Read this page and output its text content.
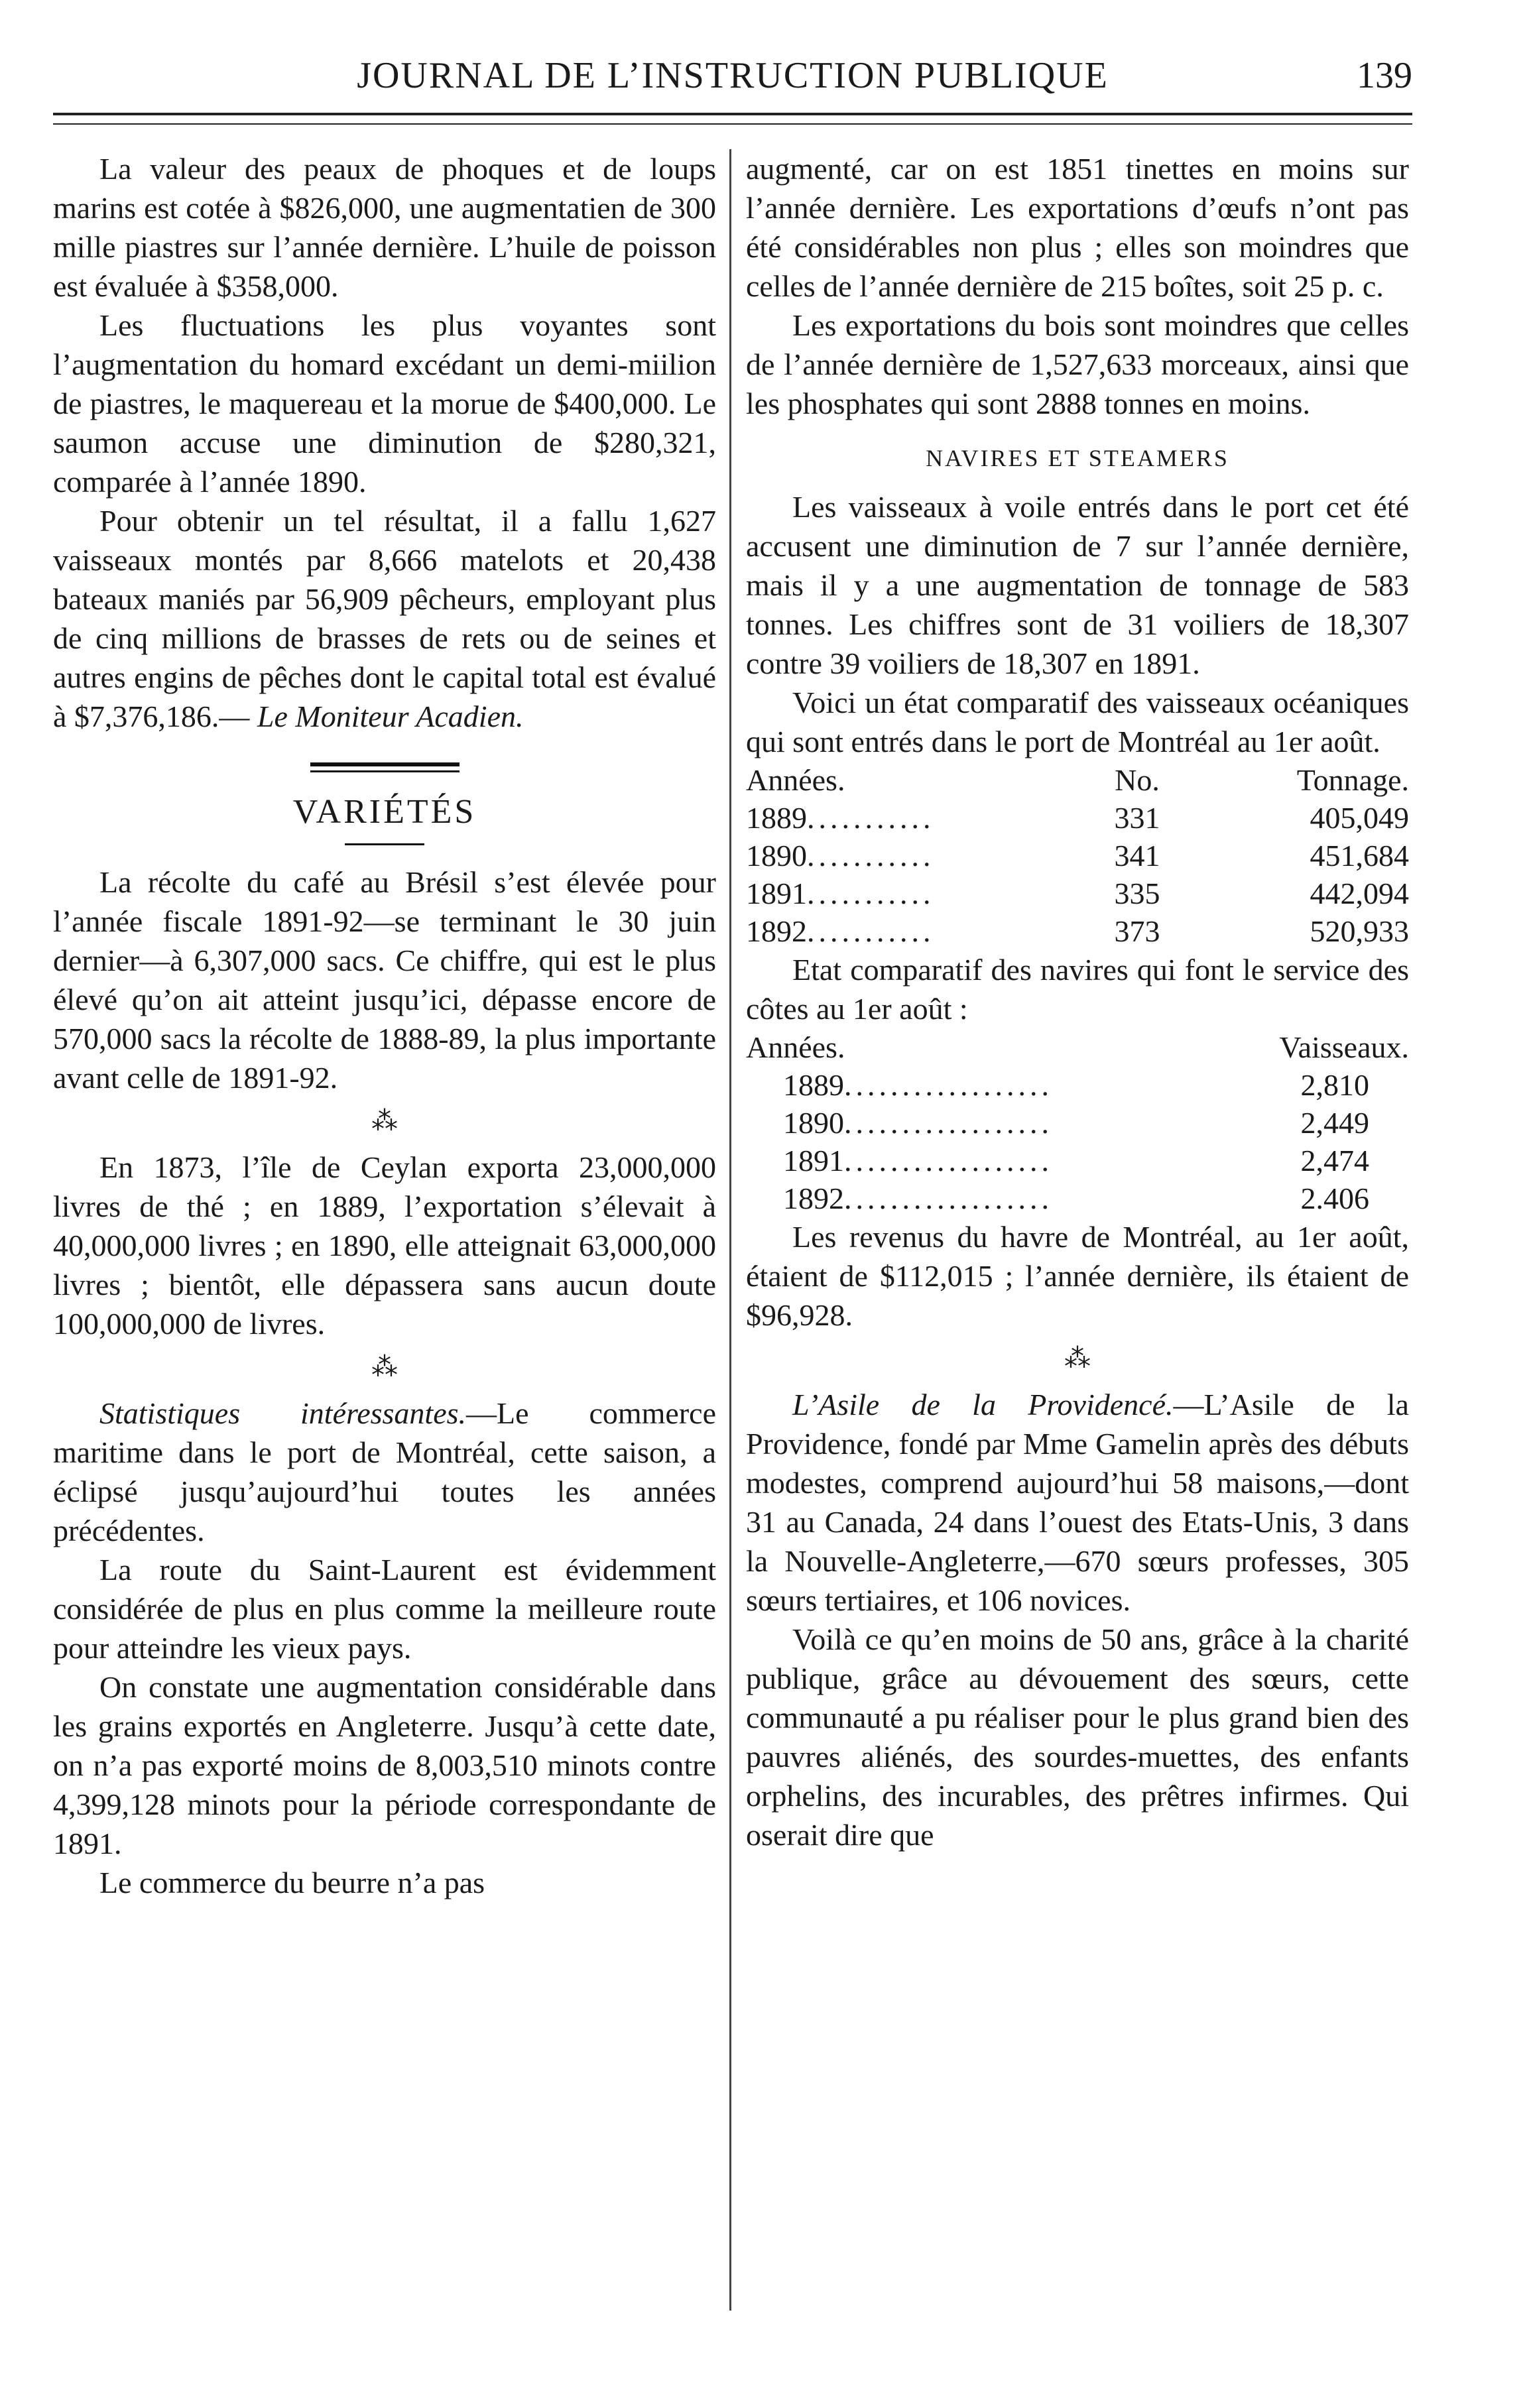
JOURNAL DE L’INSTRUCTION PUBLIQUE	139

La valeur des peaux de phoques et de loups marins est cotée à $826,000, une augmentatien de 300 mille piastres sur l’année dernière. L’huile de poisson est évaluée à $358,000.

Les fluctuations les plus voyantes sont l’augmentation du homard excédant un demi-miilion de piastres, le maquereau et la morue de $400,000. Le saumon accuse une diminution de $280,321, comparée à l’année 1890.

Pour obtenir un tel résultat, il a fallu 1,627 vaisseaux montés par 8,666 matelots et 20,438 bateaux maniés par 56,909 pêcheurs, employant plus de cinq millions de brasses de rets ou de seines et autres engins de pêches dont le capital total est évalué à $7,376,186.— Le Moniteur Acadien.

VARIÉTÉS

La récolte du café au Brésil s’est élevée pour l’année fiscale 1891-92—se terminant le 30 juin dernier—à 6,307,000 sacs. Ce chiffre, qui est le plus élevé qu’on ait atteint jusqu’ici, dépasse encore de 570,000 sacs la récolte de 1888-89, la plus importante avant celle de 1891-92.

⁂

En 1873, l’île de Ceylan exporta 23,000,000 livres de thé ; en 1889, l’exportation s’élevait à 40,000,000 livres ; en 1890, elle atteignait 63,000,000 livres ; bientôt, elle dépassera sans aucun doute 100,000,000 de livres.

⁂

Statistiques intéressantes.—Le commerce maritime dans le port de Montréal, cette saison, a éclipsé jusqu’aujourd’hui toutes les années précédentes.

La route du Saint-Laurent est évidemment considérée de plus en plus comme la meilleure route pour atteindre les vieux pays.

On constate une augmentation considérable dans les grains exportés en Angleterre. Jusqu’à cette date, on n’a pas exporté moins de 8,003,510 minots contre 4,399,128 minots pour la période correspondante de 1891.

Le commerce du beurre n’a pas

augmenté, car on est 1851 tinettes en moins sur l’année dernière. Les exportations d’œufs n’ont pas été considérables non plus ; elles son moindres que celles de l’année dernière de 215 boîtes, soit 25 p. c.

Les exportations du bois sont moindres que celles de l’année dernière de 1,527,633 morceaux, ainsi que les phosphates qui sont 2888 tonnes en moins.

NAVIRES ET STEAMERS

Les vaisseaux à voile entrés dans le port cet été accusent une diminution de 7 sur l’année dernière, mais il y a une augmentation de tonnage de 583 tonnes. Les chiffres sont de 31 voiliers de 18,307 contre 39 voiliers de 18,307 en 1891.

Voici un état comparatif des vaisseaux océaniques qui sont entrés dans le port de Montréal au 1er août.

Années.	No.	Tonnage.
1889...........	331	405,049
1890...........	341	451,684
1891...........	335	442,094
1892...........	373	520,933

Etat comparatif des navires qui font le service des côtes au 1er août :

Années.	Vaisseaux.
1889..................	2,810
1890..................	2,449
1891..................	2,474
1892..................	2.406

Les revenus du havre de Montréal, au 1er août, étaient de $112,015 ; l’année dernière, ils étaient de $96,928.

⁂

L’Asile de la Providencé.—L’Asile de la Providence, fondé par Mme Gamelin après des débuts modestes, comprend aujourd’hui 58 maisons,—dont 31 au Canada, 24 dans l’ouest des Etats-Unis, 3 dans la Nouvelle-Angleterre,—670 sœurs professes, 305 sœurs tertiaires, et 106 novices.

Voilà ce qu’en moins de 50 ans, grâce à la charité publique, grâce au dévouement des sœurs, cette communauté a pu réaliser pour le plus grand bien des pauvres aliénés, des sourdes-muettes, des enfants orphelins, des incurables, des prêtres infirmes. Qui oserait dire que
